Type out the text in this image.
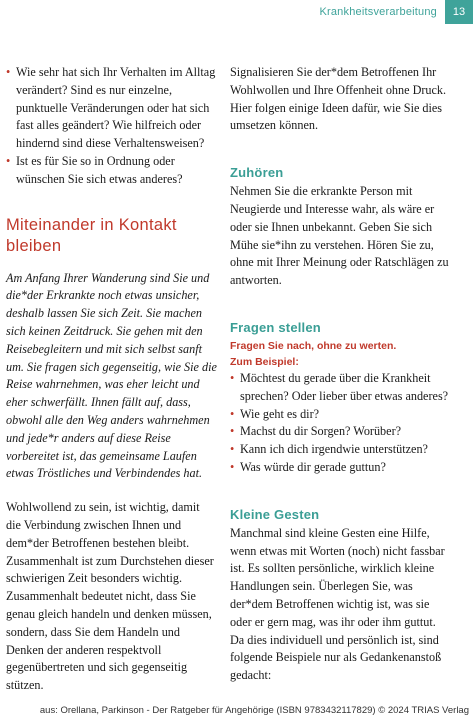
Krankheitsverarbeitung	13
• Wie sehr hat sich Ihr Verhalten im Alltag verändert? Sind es nur einzelne, punktuelle Veränderungen oder hat sich fast alles geändert? Wie hilfreich oder hindernd sind diese Verhaltensweisen?
• Ist es für Sie so in Ordnung oder wünschen Sie sich etwas anderes?
Miteinander in Kontakt bleiben

Am Anfang Ihrer Wanderung sind Sie und die*der Erkrankte noch etwas unsicher, deshalb lassen Sie sich Zeit. Sie machen sich keinen Zeitdruck. Sie gehen mit den Reisebegleitern und mit sich selbst sanft um. Sie fragen sich gegenseitig, wie Sie die Reise wahrnehmen, was eher leicht und eher schwerfällt. Ihnen fällt auf, dass, obwohl alle den Weg anders wahrnehmen und jede*r anders auf diese Reise vorbereitet ist, das gemeinsame Laufen etwas Tröstliches und Verbindendes hat.

Wohlwollend zu sein, ist wichtig, damit die Verbindung zwischen Ihnen und dem*der Betroffenen bestehen bleibt. Zusammenhalt ist zum Durchstehen dieser schwierigen Zeit besonders wichtig. Zusammenhalt bedeutet nicht, dass Sie genau gleich handeln und denken müssen, sondern, dass Sie dem Handeln und Denken der anderen respektvoll gegenübertreten und sich gegenseitig stützen.

Signalisieren Sie der*dem Betroffenen Ihr Wohlwollen und Ihre Offenheit ohne Druck. Hier folgen einige Ideen dafür, wie Sie dies umsetzen können.

Zuhören

Nehmen Sie die erkrankte Person mit Neugierde und Interesse wahr, als wäre er oder sie Ihnen unbekannt. Geben Sie sich Mühe sie*ihn zu verstehen. Hören Sie zu, ohne mit Ihrer Meinung oder Ratschlägen zu antworten.

Fragen stellen
Fragen Sie nach, ohne zu werten.
Zum Beispiel:
• Möchtest du gerade über die Krankheit sprechen? Oder lieber über etwas anderes?
• Wie geht es dir?
• Machst du dir Sorgen? Worüber?
• Kann ich dich irgendwie unterstützen?
• Was würde dir gerade guttun?
Kleine Gesten

Manchmal sind kleine Gesten eine Hilfe, wenn etwas mit Worten (noch) nicht fassbar ist. Es sollten persönliche, wirklich kleine Handlungen sein. Überlegen Sie, was der*dem Betroffenen wichtig ist, was sie oder er gern mag, was ihr oder ihm guttut. Da dies individuell und persönlich ist, sind folgende Beispiele nur als Gedankenanstoß gedacht:

aus: Orellana, Parkinson - Der Ratgeber für Angehörige (ISBN 9783432117829) © 2024 TRIAS Verlag
